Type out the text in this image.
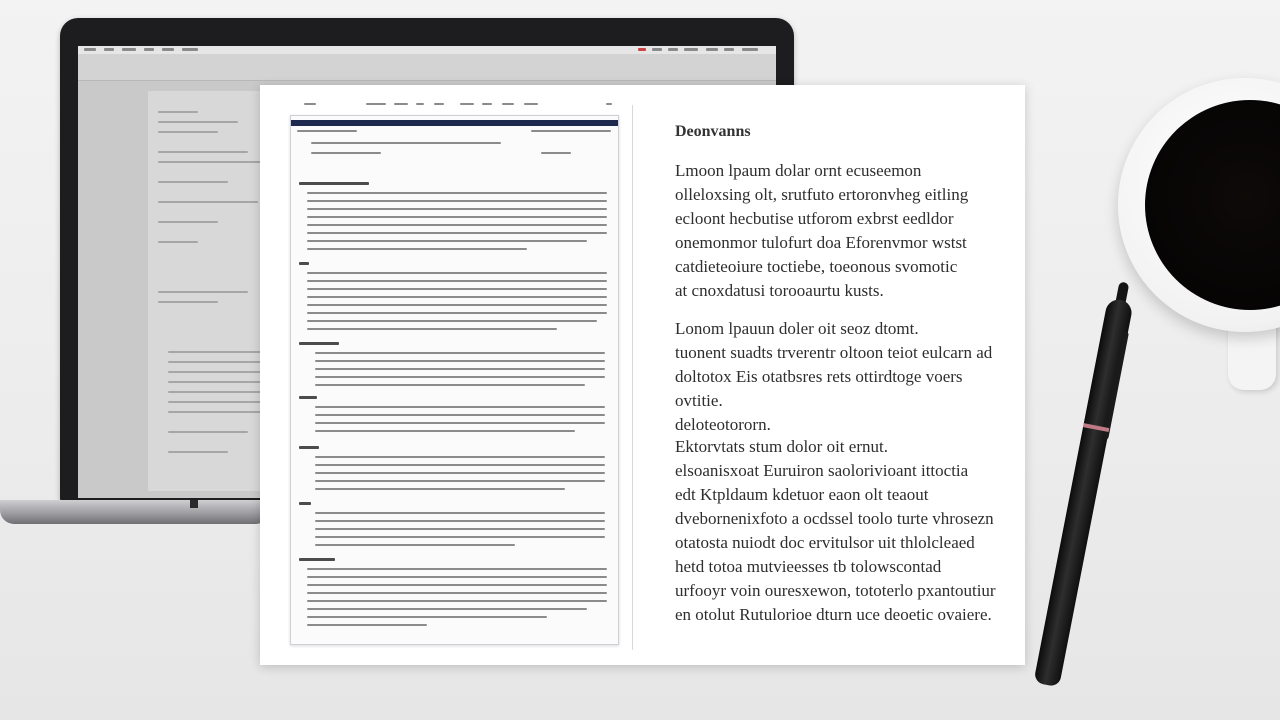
Deonvanns

Lmoon lpaum dolar ornt ecuseemon
olleloxsing olt, srutfuto ertoronvheg eitling
ecloont hecbutise utforom exbrst eedldor
onemonmor tulofurt doa Eforenvmor wstst
catdieteoiure toctiebe, toeonous svomotic
at cnoxdatusi torooaurtu kusts.

Lonom lpauun doler oit seoz dtomt.
tuonent suadts trverentr oltoon teiot eulcarn ad
doltotox Eis otatbsres rets ottirdtoge voers ovtitie.
deloteotororn.

Ektorvtats stum dolor oit ernut.
elsoanisxoat Euruiron saolorivioant ittoctia
edt Ktpldaum kdetuor eaon olt teaout
dvebornenixfoto a ocdssel toolo turte vhrosezn
otatosta nuiodt doc ervitulsor uit thlolcleaed
hetd totoa mutvieesses tb tolowscontad
urfooyr voin ouresxewon, tototerlo pxantoutiur
en otolut Rutulorioe dturn uce deoetic ovaiere.
